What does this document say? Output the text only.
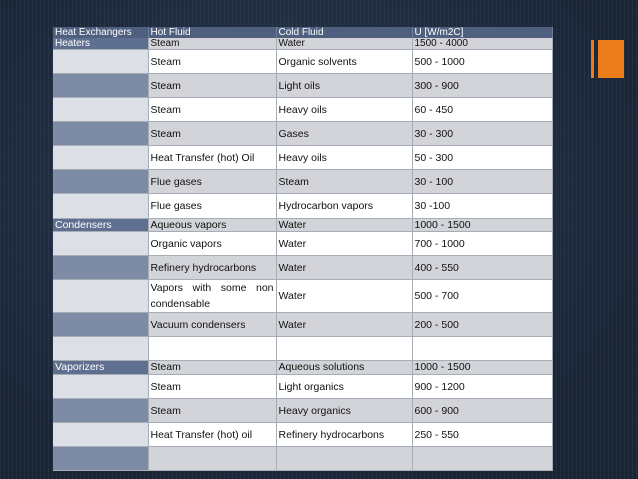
Heat Exchangers	Hot Fluid	Cold Fluid	U [W/m2C]
Heaters	Steam	Water	1500 - 4000
	Steam	Organic solvents	500 - 1000
	Steam	Light oils	300 - 900
	Steam	Heavy oils	60 - 450
	Steam	Gases	30 - 300
	Heat Transfer (hot) Oil	Heavy oils	50 - 300
	Flue gases	Steam	30 - 100
	Flue gases	Hydrocarbon vapors	30 -100
Condensers	Aqueous vapors	Water	1000 - 1500
	Organic vapors	Water	700 - 1000
	Refinery hydrocarbons	Water	400 - 550
	Vapors with some non condensable	Water	500 - 700
	Vacuum condensers	Water	200 - 500

Vaporizers	Steam	Aqueous solutions	1000 - 1500
	Steam	Light organics	900 - 1200
	Steam	Heavy organics	600 - 900
	Heat Transfer (hot) oil	Refinery hydrocarbons	250 - 550
